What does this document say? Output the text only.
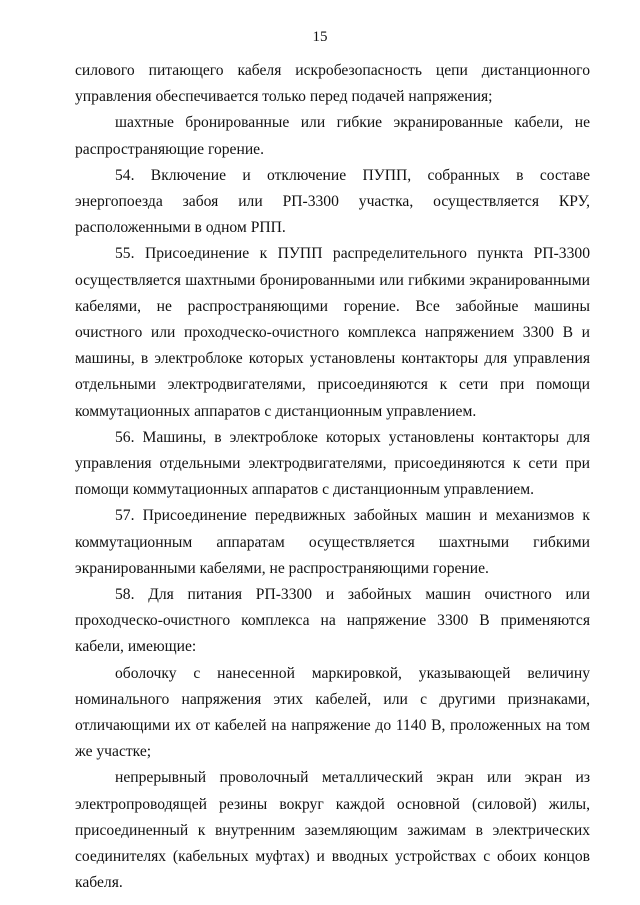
15

силового питающего кабеля искробезопасность цепи дистанционного управления обеспечивается только перед подачей напряжения;

шахтные бронированные или гибкие экранированные кабели, не распространяющие горение.

54. Включение и отключение ПУПП, собранных в составе энергопоезда забоя или РП-3300 участка, осуществляется КРУ, расположенными в одном РПП.

55. Присоединение к ПУПП распределительного пункта РП-3300 осуществляется шахтными бронированными или гибкими экранированными кабелями, не распространяющими горение. Все забойные машины очистного или проходческо-очистного комплекса напряжением 3300 В и машины, в электроблоке которых установлены контакторы для управления отдельными электродвигателями, присоединяются к сети при помощи коммутационных аппаратов с дистанционным управлением.

56. Машины, в электроблоке которых установлены контакторы для управления отдельными электродвигателями, присоединяются к сети при помощи коммутационных аппаратов с дистанционным управлением.

57. Присоединение передвижных забойных машин и механизмов к коммутационным аппаратам осуществляется шахтными гибкими экранированными кабелями, не распространяющими горение.

58. Для питания РП-3300 и забойных машин очистного или проходческо-очистного комплекса на напряжение 3300 В применяются кабели, имеющие:

оболочку с нанесенной маркировкой, указывающей величину номинального напряжения этих кабелей, или с другими признаками, отличающими их от кабелей на напряжение до 1140 В, проложенных на том же участке;

непрерывный проволочный металлический экран или экран из электропроводящей резины вокруг каждой основной (силовой) жилы, присоединенный к внутренним заземляющим зажимам в электрических соединителях (кабельных муфтах) и вводных устройствах с обоих концов кабеля.
